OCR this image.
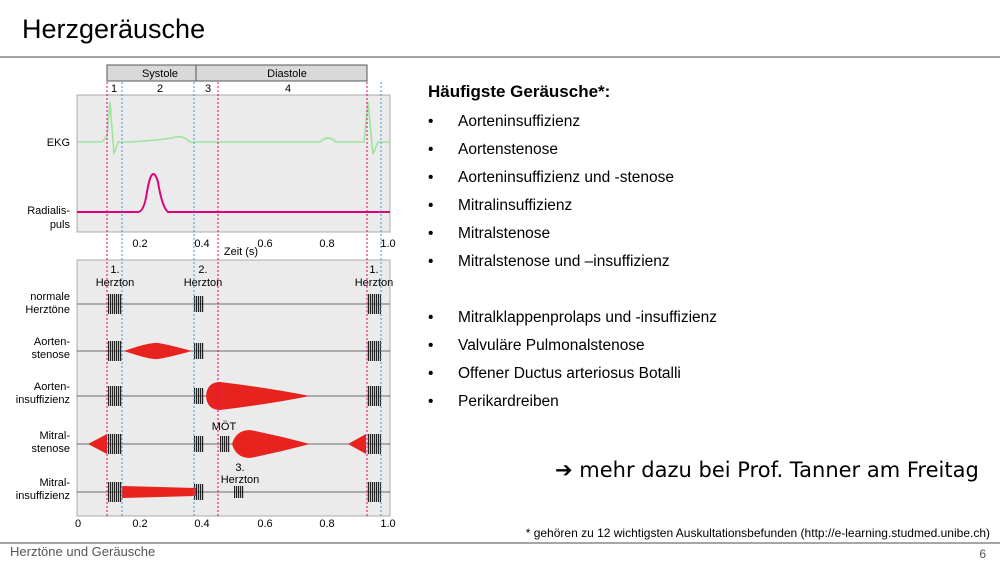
Herzgeräusche
Systole	Diastole
1	2	3	4
EKG
Radialis-
puls
0.2	0.4	0.6	0.8	1.0
Zeit (s)
1.
Herzton
2.
Herzton
1.
Herzton
normale
Herztöne
Aorten-
stenose
Aorten-
insuffizienz
Mitral-
stenose
Mitral-
insuffizienz
MÖT
3.
Herzton
0	0.2	0.4	0.6	0.8	1.0
Häufigste Geräusche*:
• Aorteninsuffizienz
• Aortenstenose
• Aorteninsuffizienz und -stenose
• Mitralinsuffizienz
• Mitralstenose
• Mitralstenose und –insuffizienz
• Mitralklappenprolaps und -insuffizienz
• Valvuläre Pulmonalstenose
• Offener Ductus arteriosus Botalli
• Perikardreiben
➔ mehr dazu bei Prof. Tanner am Freitag
* gehören zu 12 wichtigsten Auskultationsbefunden (http://e-learning.studmed.unibe.ch)
Herztöne und Geräusche	6
